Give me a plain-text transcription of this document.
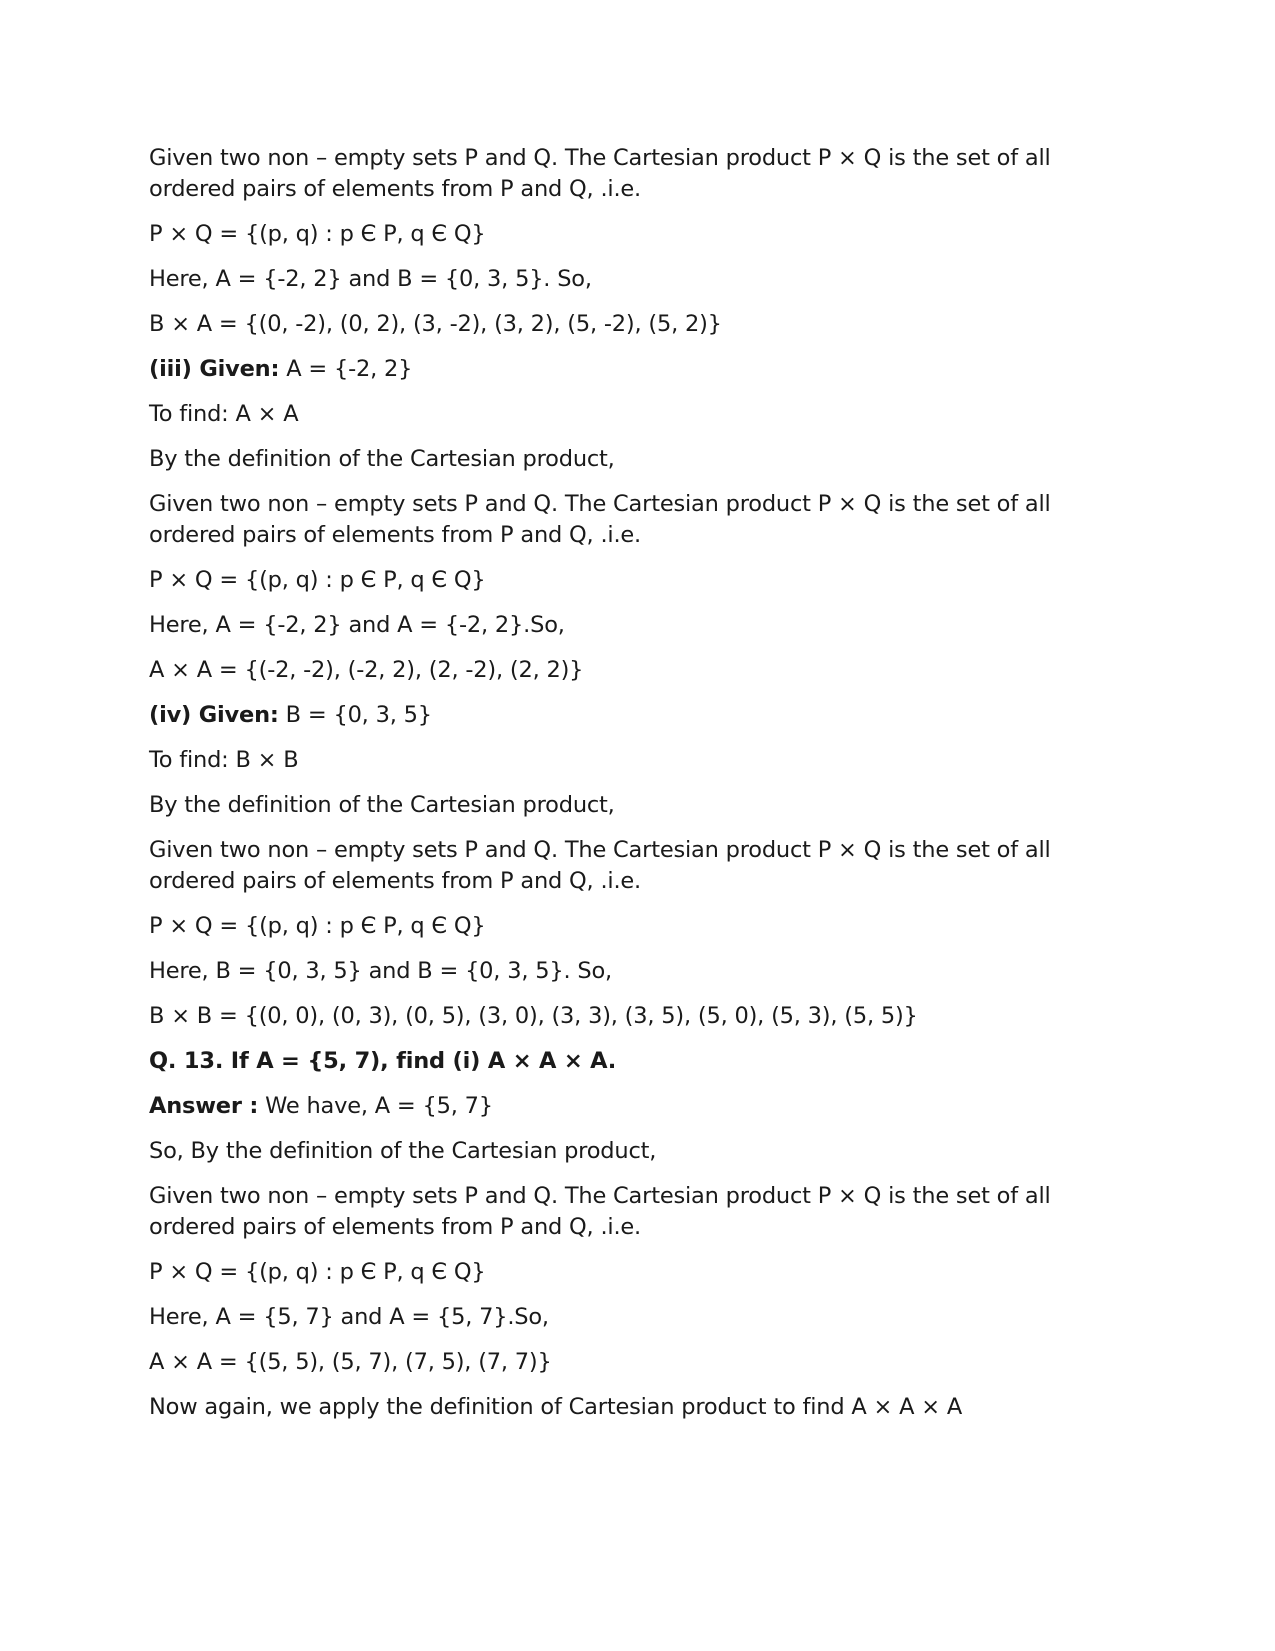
Given two non – empty sets P and Q. The Cartesian product P × Q is the set of all
ordered pairs of elements from P and Q, .i.e.
P × Q = {(p, q) : p Є P, q Є Q}
Here, A = {-2, 2} and B = {0, 3, 5}. So,
B × A = {(0, -2), (0, 2), (3, -2), (3, 2), (5, -2), (5, 2)}
(iii) Given: A = {-2, 2}
To find: A × A
By the definition of the Cartesian product,
Given two non – empty sets P and Q. The Cartesian product P × Q is the set of all
ordered pairs of elements from P and Q, .i.e.
P × Q = {(p, q) : p Є P, q Є Q}
Here, A = {-2, 2} and A = {-2, 2}.So,
A × A = {(-2, -2), (-2, 2), (2, -2), (2, 2)}
(iv) Given: B = {0, 3, 5}
To find: B × B
By the definition of the Cartesian product,
Given two non – empty sets P and Q. The Cartesian product P × Q is the set of all
ordered pairs of elements from P and Q, .i.e.
P × Q = {(p, q) : p Є P, q Є Q}
Here, B = {0, 3, 5} and B = {0, 3, 5}. So,
B × B = {(0, 0), (0, 3), (0, 5), (3, 0), (3, 3), (3, 5), (5, 0), (5, 3), (5, 5)}
Q. 13. If A = {5, 7), find (i) A × A × A.
Answer : We have, A = {5, 7}
So, By the definition of the Cartesian product,
Given two non – empty sets P and Q. The Cartesian product P × Q is the set of all
ordered pairs of elements from P and Q, .i.e.
P × Q = {(p, q) : p Є P, q Є Q}
Here, A = {5, 7} and A = {5, 7}.So,
A × A = {(5, 5), (5, 7), (7, 5), (7, 7)}
Now again, we apply the definition of Cartesian product to find A × A × A
